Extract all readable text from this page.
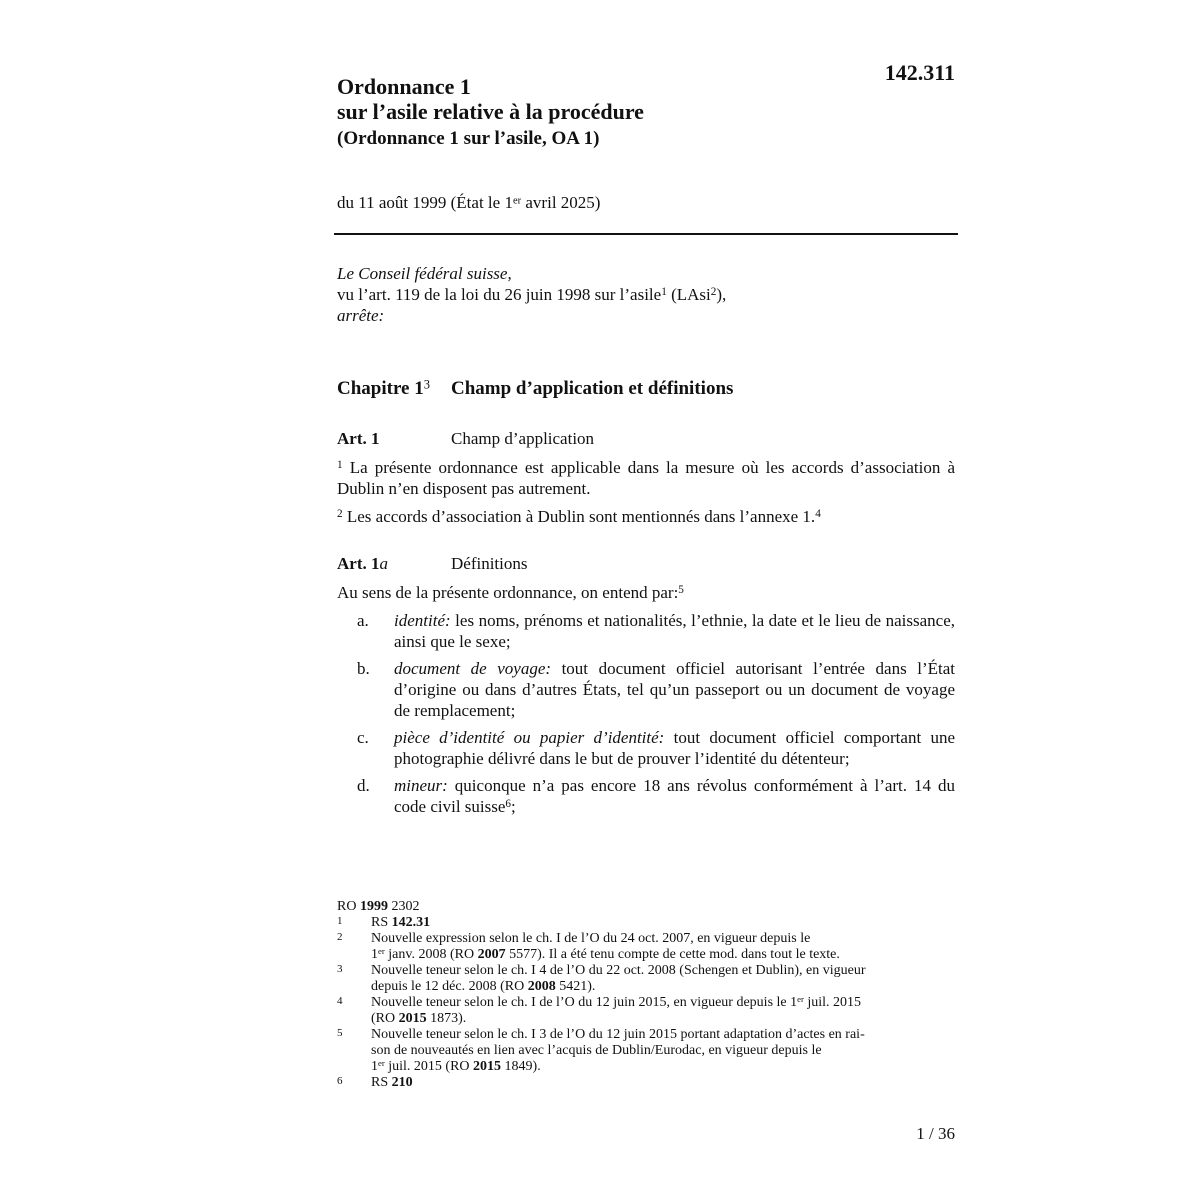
142.311
Ordonnance 1
sur l’asile relative à la procédure
(Ordonnance 1 sur l’asile, OA 1)
du 11 août 1999 (État le 1er avril 2025)
Le Conseil fédéral suisse,
vu l’art. 119 de la loi du 26 juin 1998 sur l’asile$^1$ (LAsi$^2$),
arrête:
Chapitre 1$^3$ Champ d’application et définitions
Art. 1	Champ d’application
$^1$ La présente ordonnance est applicable dans la mesure où les accords d’association à Dublin n’en disposent pas autrement.
$^2$ Les accords d’association à Dublin sont mentionnés dans l’annexe 1.$^4$
Art. 1a	Définitions
Au sens de la présente ordonnance, on entend par:$^5$
a. identité: les noms, prénoms et nationalités, l’ethnie, la date et le lieu de naissance, ainsi que le sexe;
b. document de voyage: tout document officiel autorisant l’entrée dans l’État d’origine ou dans d’autres États, tel qu’un passeport ou un document de voyage de remplacement;
c. pièce d’identité ou papier d’identité: tout document officiel comportant une photographie délivré dans le but de prouver l’identité du détenteur;
d. mineur: quiconque n’a pas encore 18 ans révolus conformément à l’art. 14 du code civil suisse$^6$;
RO 1999 2302
1 RS 142.31
2 Nouvelle expression selon le ch. I de l’O du 24 oct. 2007, en vigueur depuis le
1er janv. 2008 (RO 2007 5577). Il a été tenu compte de cette mod. dans tout le texte.
3 Nouvelle teneur selon le ch. I 4 de l’O du 22 oct. 2008 (Schengen et Dublin), en vigueur
depuis le 12 déc. 2008 (RO 2008 5421).
4 Nouvelle teneur selon le ch. I de l’O du 12 juin 2015, en vigueur depuis le 1er juil. 2015
(RO 2015 1873).
5 Nouvelle teneur selon le ch. I 3 de l’O du 12 juin 2015 portant adaptation d’actes en rai-
son de nouveautés en lien avec l’acquis de Dublin/Eurodac, en vigueur depuis le
1er juil. 2015 (RO 2015 1849).
6 RS 210
1 / 36
